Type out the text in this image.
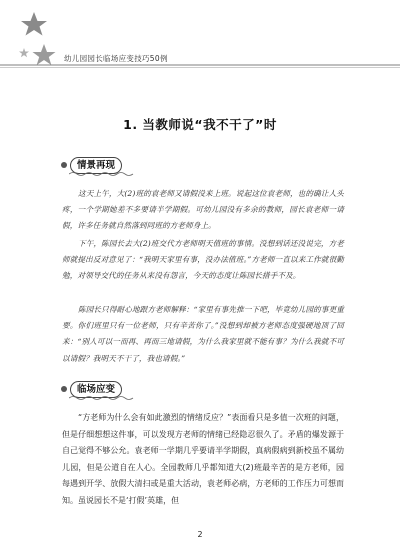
幼儿园园长临场应变技巧50例
1. 当教师说“我不干了”时
情景再现
这天上午，大(2)班的袁老师又请假没来上班。说起这位袁老师，也的确让人头疼，一个学期她差不多要请半学期假。可幼儿园没有多余的教师，园长袁老师一请假，许多任务就自然落到同班的方老师身上。
下午，陈园长去大(2)班交代方老师明天值班的事情。没想到话还没说完，方老师就提出反对意见了：“我明天家里有事，没办法值班。”方老师一直以来工作就很勤勉，对领导交代的任务从来没有怨言，今天的态度让陈园长措手不及。
陈园长只得耐心地跟方老师解释：“家里有事先推一下吧，毕竟幼儿园的事更重要。你们班里只有一位老师，只有辛苦你了。”没想到却被方老师态度强硬地顶了回来：“别人可以一而再、再而三地请假，为什么我家里就不能有事？为什么我就不可以请假？我明天不干了，我也请假。”
临场应变
“方老师为什么会有如此激烈的情绪反应？”表面看只是多值一次班的问题，但是仔细想想这件事，可以发现方老师的情绪已经隐忍很久了。矛盾的爆发源于自己觉得不够公允。袁老师一学期几乎要请半学期假，真病假病到新校虽不属幼儿园，但是公道自在人心。全园教师几乎都知道大(2)班最辛苦的是方老师，园每遇到开学、放假大清扫或是重大活动，袁老师必病，方老师的工作压力可想而知。虽说园长不是‘打假’英雄，但
2
